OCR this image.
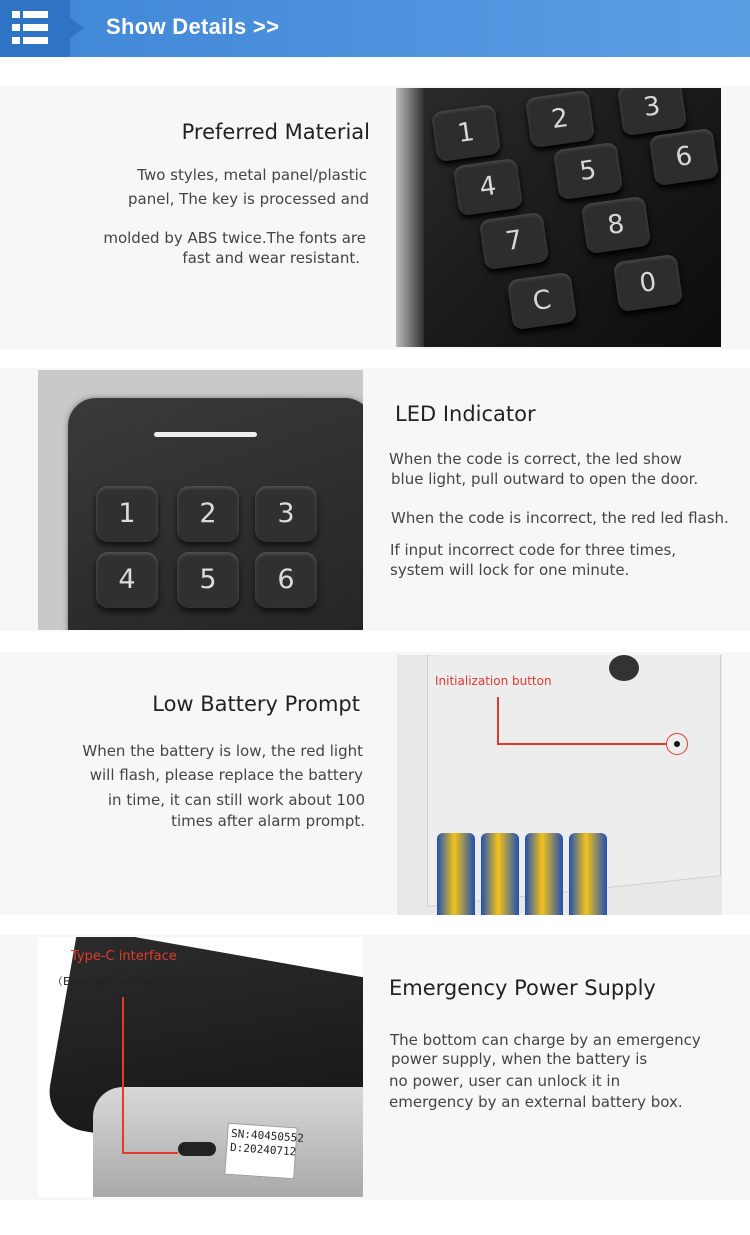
Show Details >>
Preferred Material
Two styles, metal panel/plastic
panel, The key is processed and
molded by ABS twice.The fonts are
fast and wear resistant.
1	2	3
4	5	6
7	8
C
0
1	2	3
4	5	6
LED Indicator
When the code is correct, the led show
blue light, pull outward to open the door.
When the code is incorrect, the red led flash.
If input incorrect code for three times,
system will lock for one minute.
Low Battery Prompt
When the battery is low, the red light
will flash, please replace the battery
in time, it can still work about 100
times after alarm prompt.
Initialization button
SN:40450552
D:20240712
Type-C interface
（Emergency Power Supply）	Emergency Power Supply
The bottom can charge by an emergency
power supply, when the battery is
no power, user can unlock it in
emergency by an external battery box.
